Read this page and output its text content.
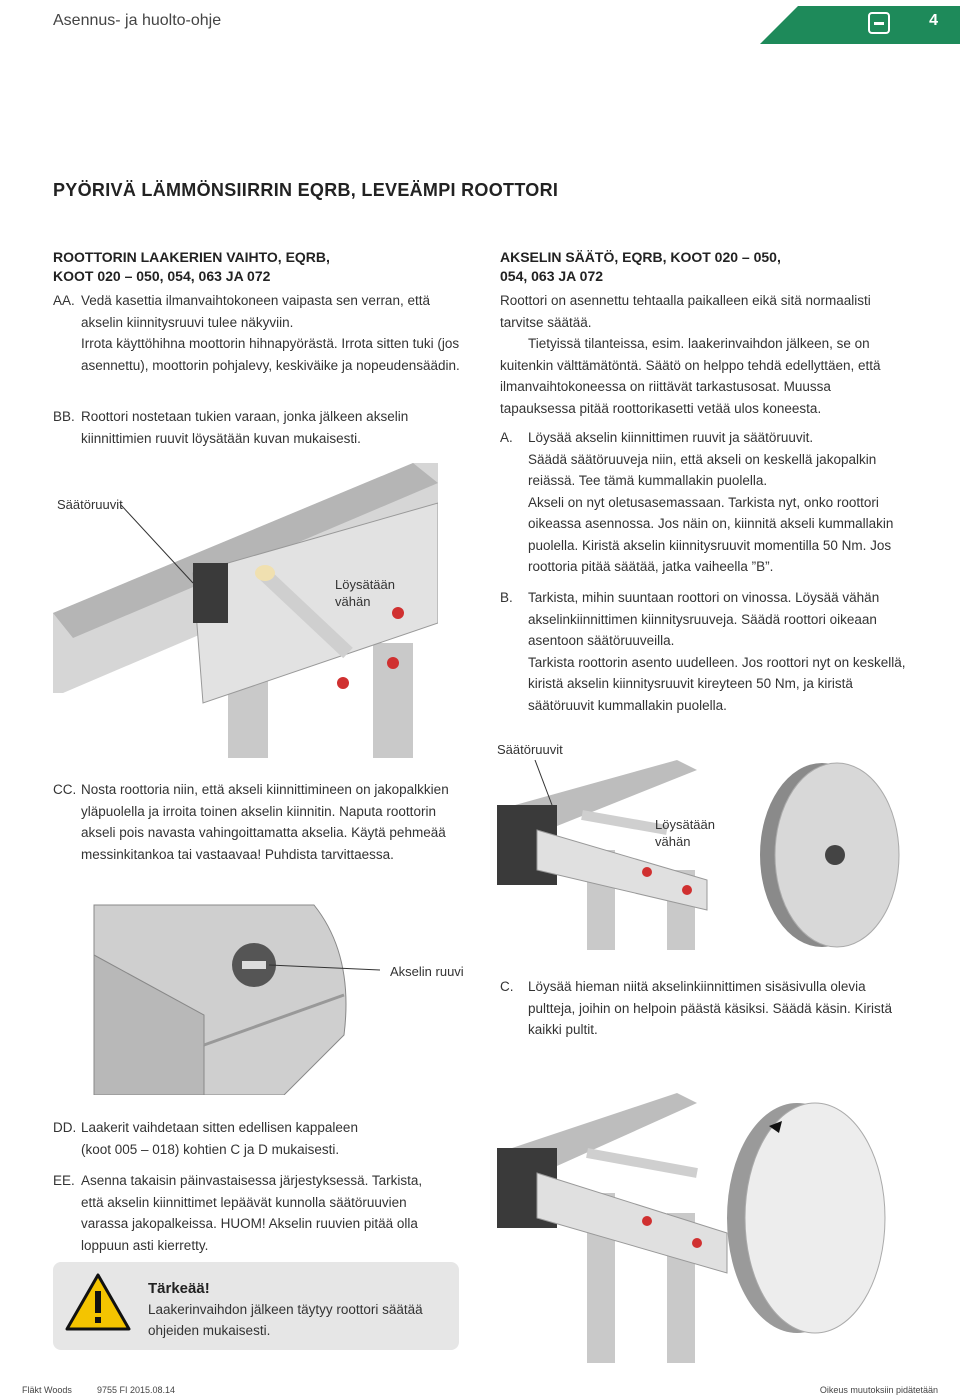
Asennus- ja huolto-ohje	4
PYÖRIVÄ LÄMMÖNSIIRRIN EQRB, LEVEÄMPI ROOTTORI
ROOTTORIN LAAKERIEN VAIHTO, EQRB,
KOOT 020 – 050, 054, 063 JA 072
AA. Vedä kasettia ilmanvaihtokoneen vaipasta sen verran, että akselin kiinnitysruuvi tulee näkyviin.

Irrota käyttöhihna moottorin hihnapyörästä. Irrota sitten tuki (jos asennettu), moottorin pohjalevy, keskiväike ja nopeudensäädin.

BB. Roottori nostetaan tukien varaan, jonka jälkeen akselin kiinnittimien ruuvit löysätään kuvan mukaisesti.

Säätöruuvit
Löysätään
vähän
CC. Nosta roottoria niin, että akseli kiinnittimineen on jakopalkkien yläpuolella ja irroita toinen akselin kiinnitin. Naputa roottorin akseli pois navasta vahingoittamatta akselia. Käytä pehmeää messinkitankoa tai vastaavaa! Puhdista tarvittaessa.

Akselin ruuvi
DD. Laakerit vaihdetaan sitten edellisen kappaleen (koot 005 – 018) kohtien C ja D mukaisesti.

EE. Asenna takaisin päinvastaisessa järjestyksessä. Tarkista, että akselin kiinnittimet lepäävät kunnolla säätöruuvien varassa jakopalkeissa. HUOM! Akselin ruuvien pitää olla loppuun asti kierretty.

Tärkeää!
Laakerinvaihdon jälkeen täytyy roottori säätää ohjeiden mukaisesti.
AKSELIN SÄÄTÖ, EQRB, KOOT 020 – 050,
054, 063 JA 072
Roottori on asennettu tehtaalla paikalleen eikä sitä normaalisti tarvitse säätää.
Tietyissä tilanteissa, esim. laakerinvaihdon jälkeen, se on kuitenkin välttämätöntä. Säätö on helppo tehdä edellyttäen, että ilmanvaihtokoneessa on riittävät tarkastusosat. Muussa tapauksessa pitää roottorikasetti vetää ulos koneesta.
A. Löysää akselin kiinnittimen ruuvit ja säätöruuvit.

Säädä säätöruuveja niin, että akseli on keskellä jakopalkin reiässä. Tee tämä kummallakin puolella.

Akseli on nyt oletusasemassaan. Tarkista nyt, onko roottori oikeassa asennossa. Jos näin on, kiinnitä akseli kummallakin puolella. Kiristä akselin kiinnitysruuvit momentilla 50 Nm. Jos roottoria pitää säätää, jatka vaiheella ”B”.

B. Tarkista, mihin suuntaan roottori on vinossa. Löysää vähän akselinkiinnittimen kiinnitysruuveja. Säädä roottori oikeaan asentoon säätöruuveilla.

Tarkista roottorin asento uudelleen. Jos roottori nyt on keskellä, kiristä akselin kiinnitysruuvit kireyteen 50 Nm, ja kiristä säätöruuvit kummallakin puolella.

Säätöruuvit
Löysätään
vähän
C. Löysää hieman niitä akselinkiinnittimen sisäsivulla olevia pultteja, joihin on helpoin päästä käsiksi. Säädä käsin. Kiristä kaikki pultit.

Fläkt Woods	9755 FI 2015.08.14	Oikeus muutoksiin pidätetään
